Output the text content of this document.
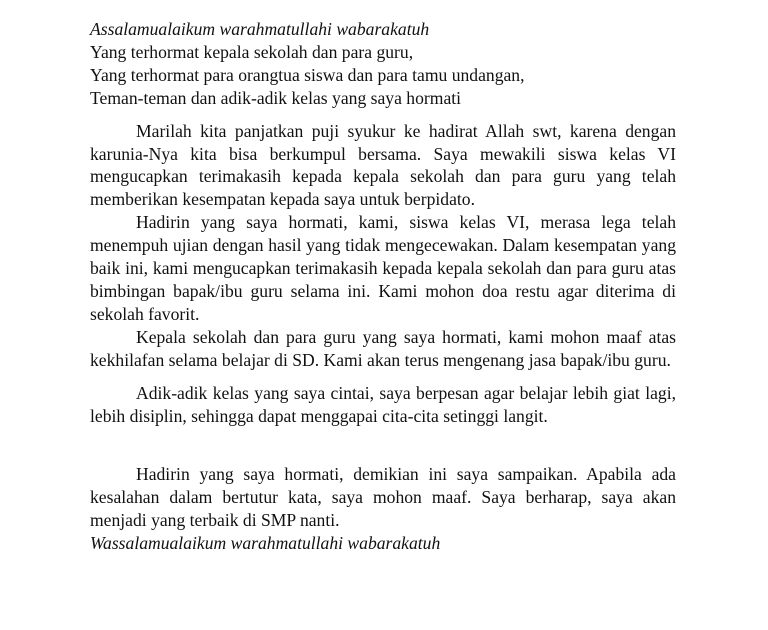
Assalamualaikum warahmatullahi wabarakatuh
Yang terhormat kepala sekolah dan para guru,
Yang terhormat para orangtua siswa dan para tamu undangan,
Teman-teman dan adik-adik kelas yang saya hormati

Marilah kita panjatkan puji syukur ke hadirat Allah swt, karena dengan karunia-Nya kita bisa berkumpul bersama. Saya mewakili siswa kelas VI mengucapkan terimakasih kepada kepala sekolah dan para guru yang telah memberikan kesempatan kepada saya untuk berpidato.

Hadirin yang saya hormati, kami, siswa kelas VI, merasa lega telah menempuh ujian dengan hasil yang tidak mengecewakan. Dalam kesempatan yang baik ini, kami mengucapkan terimakasih kepada kepala sekolah dan para guru atas bimbingan bapak/ibu guru selama ini. Kami mohon doa restu agar diterima di sekolah favorit.

Kepala sekolah dan para guru yang saya hormati, kami mohon maaf atas kekhilafan selama belajar di SD. Kami akan terus mengenang jasa bapak/ibu guru.

Adik-adik kelas yang saya cintai, saya berpesan agar belajar lebih giat lagi, lebih disiplin, sehingga dapat menggapai cita-cita setinggi langit.

Hadirin yang saya hormati, demikian ini saya sampaikan. Apabila ada kesalahan dalam bertutur kata, saya mohon maaf. Saya berharap, saya akan menjadi yang terbaik di SMP nanti.

Wassalamualaikum warahmatullahi wabarakatuh
